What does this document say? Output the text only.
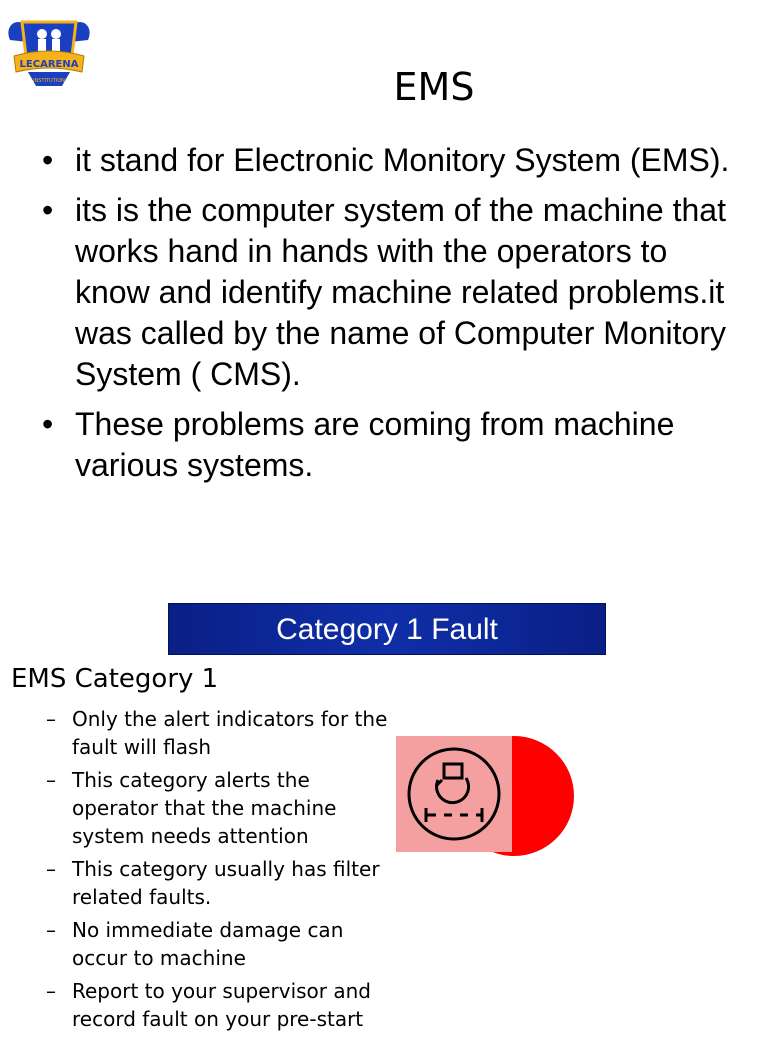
LECARENA
INSTITUTION	EMS
• it stand for Electronic Monitory System (EMS).
• its is the computer system of the machine that works hand in hands with the operators to know and identify machine related problems.it was called by the name of Computer Monitory System ( CMS).
• These problems are coming from machine various systems.
Category 1 Fault
EMS Category 1
– Only the alert indicators for the fault will flash
– This category alerts the operator that the machine system needs attention
– This category usually has filter related faults.
– No immediate damage can occur to machine
– Report to your supervisor and record fault on your pre-start
